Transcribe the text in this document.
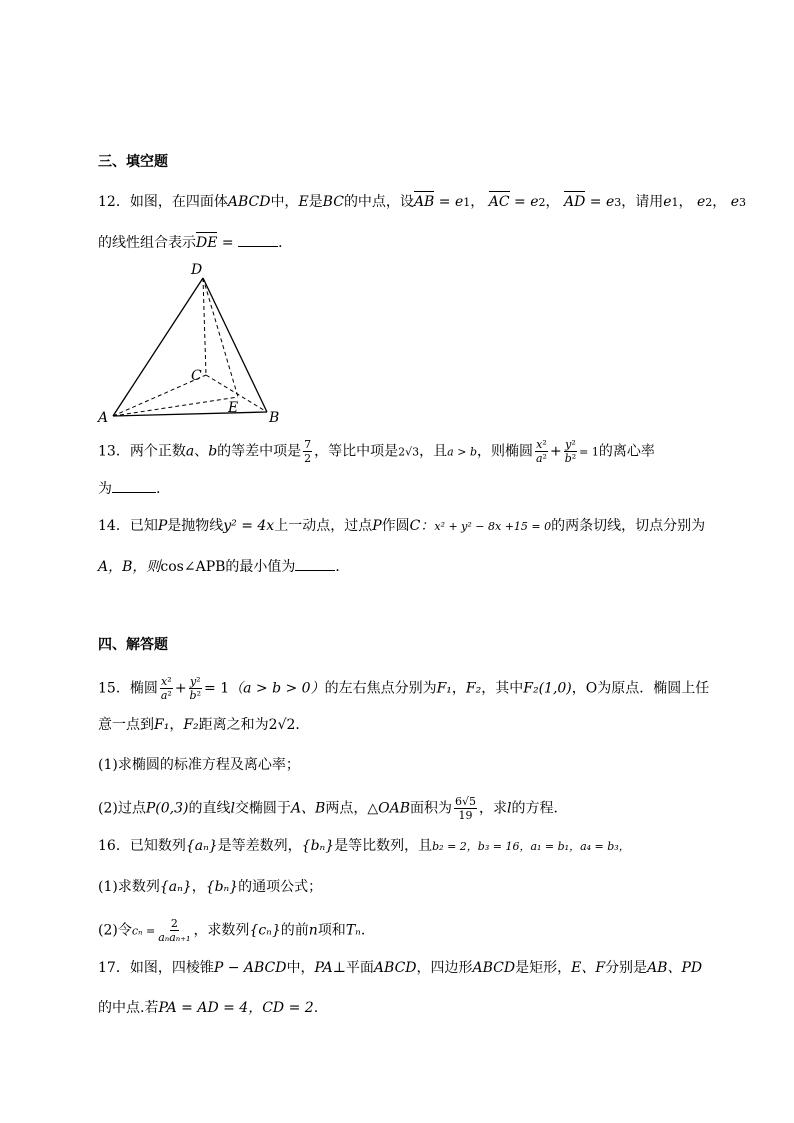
三、填空题
12．如图，在四面体ABCD中，E是BC的中点，设AB = e1， AC = e2， AD = e3，请用e1， e2， e3
的线性组合表示DE =	．
D
C
E
A	B
13．两个正数a、b的等差中项是 $\frac{7}{2}$ ，等比中项是2√3，且a > b，则椭圆 $\frac{\text{x²}}{\text{a²}} + \frac{\text{y²}}{\text{b²}} = 1$的离心率
为	.
14．已知P是抛物线y² = 4x上一动点，过点P作圆C：x² + y² − 8x +15 = 0的两条切线，切点分别为
A，B，则cos∠APB的最小值为	．
四、解答题
15．椭圆 $\frac{\text{x²}}{\text{a²}} + \frac{\text{y²}}{\text{b²}} = 1(a > b > 0)$的左右焦点分别为F₁，F₂，其中F₂(1,0)，O为原点．椭圆上任
意一点到F₁，F₂距离之和为2√2．
(1)求椭圆的标准方程及离心率；
(2)过点P(0,3)的直线l交椭圆于A、B两点，△OAB面积为 $\frac{6√5}{19}$ ，求l的方程．
16．已知数列{aₙ}是等差数列，{bₙ}是等比数列，且b₂ = 2，b₃ = 16，a₁ = b₁，a₄ = b₃，
(1)求数列{aₙ}，{bₙ}的通项公式；
(2)令$c_n = \frac{2}{\text{aₙaₙ₊₁}}$ ，求数列{cₙ}的前n项和Tₙ.
17．如图，四棱锥P − ABCD中，PA⊥平面ABCD，四边形ABCD是矩形，E、F分别是AB、PD
的中点.若PA = AD = 4，CD = 2.
